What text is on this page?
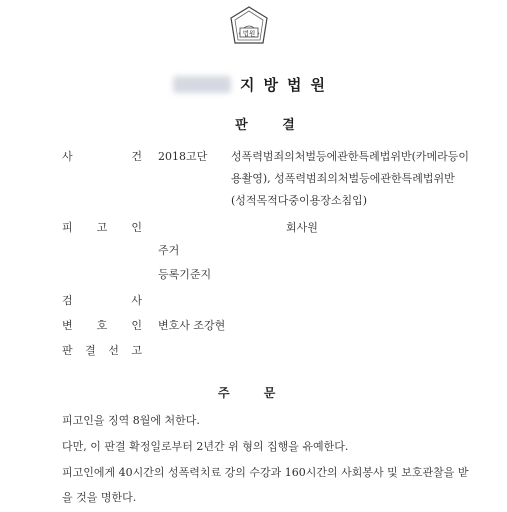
법원
지방법원
판 결
사	건 2018고단 성폭력범죄의처벌등에관한특례법위반(카메라등이
용촬영), 성폭력범죄의처벌등에관한특례법위반
(성적목적다중이용장소침입)
피 고 인	회사원
주거
등록기준지
검	사
변 호 인 변호사 조강현
판 결 선 고
주 문
피고인을 징역 8월에 처한다.
다만, 이 판결 확정일로부터 2년간 위 형의 집행을 유예한다.
피고인에게 40시간의 성폭력치료 강의 수강과 160시간의 사회봉사 및 보호관찰을 받
을 것을 명한다.
